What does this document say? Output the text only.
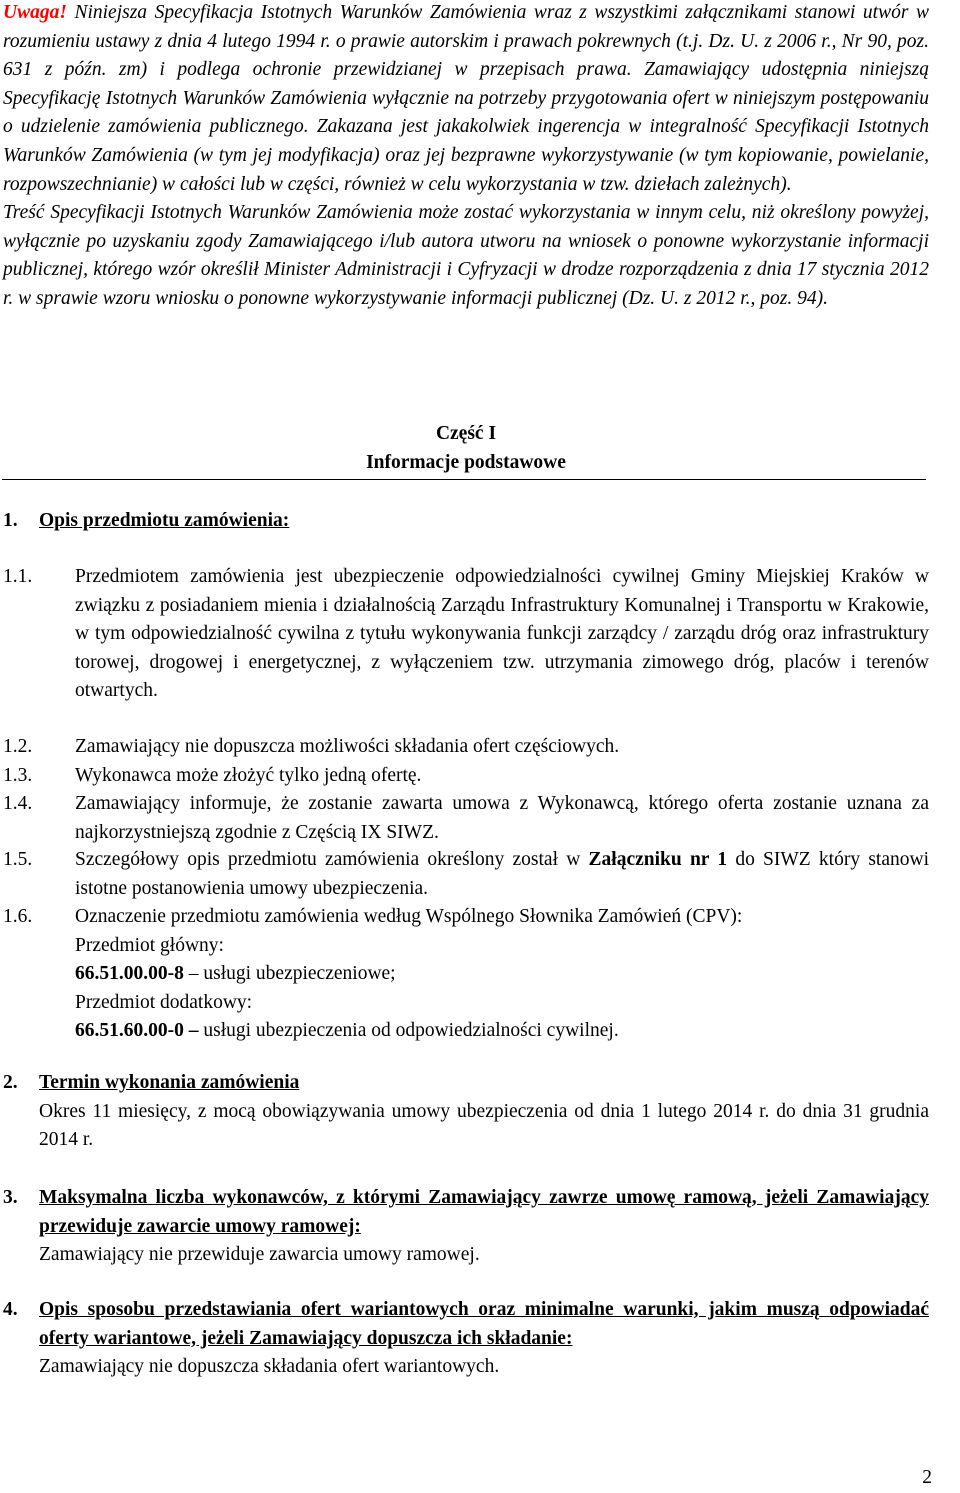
Uwaga! Niniejsza Specyfikacja Istotnych Warunków Zamówienia wraz z wszystkimi załącznikami stanowi utwór w rozumieniu ustawy z dnia 4 lutego 1994 r. o prawie autorskim i prawach pokrewnych (t.j. Dz. U. z 2006 r., Nr 90, poz. 631 z późn. zm) i podlega ochronie przewidzianej w przepisach prawa. Zamawiający udostępnia niniejszą Specyfikację Istotnych Warunków Zamówienia wyłącznie na potrzeby przygotowania ofert w niniejszym postępowaniu o udzielenie zamówienia publicznego. Zakazana jest jakakolwiek ingerencja w integralność Specyfikacji Istotnych Warunków Zamówienia (w tym jej modyfikacja) oraz jej bezprawne wykorzystywanie (w tym kopiowanie, powielanie, rozpowszechnianie) w całości lub w części, również w celu wykorzystania w tzw. dziełach zależnych).
Treść Specyfikacji Istotnych Warunków Zamówienia może zostać wykorzystania w innym celu, niż określony powyżej, wyłącznie po uzyskaniu zgody Zamawiającego i/lub autora utworu na wniosek o ponowne wykorzystanie informacji publicznej, którego wzór określił Minister Administracji i Cyfryzacji w drodze rozporządzenia z dnia 17 stycznia 2012 r. w sprawie wzoru wniosku o ponowne wykorzystywanie informacji publicznej (Dz. U. z 2012 r., poz. 94).
Część I
Informacje podstawowe
1. Opis przedmiotu zamówienia:
1.1. Przedmiotem zamówienia jest ubezpieczenie odpowiedzialności cywilnej Gminy Miejskiej Kraków w związku z posiadaniem mienia i działalnością Zarządu Infrastruktury Komunalnej i Transportu w Krakowie, w tym odpowiedzialność cywilna z tytułu wykonywania funkcji zarządcy / zarządu dróg oraz infrastruktury torowej, drogowej i energetycznej, z wyłączeniem tzw. utrzymania zimowego dróg, placów i terenów otwartych.
1.2. Zamawiający nie dopuszcza możliwości składania ofert częściowych.
1.3. Wykonawca może złożyć tylko jedną ofertę.
1.4. Zamawiający informuje, że zostanie zawarta umowa z Wykonawcą, którego oferta zostanie uznana za najkorzystniejszą zgodnie z Częścią IX SIWZ.
1.5. Szczegółowy opis przedmiotu zamówienia określony został w Załączniku nr 1 do SIWZ który stanowi istotne postanowienia umowy ubezpieczenia.
1.6. Oznaczenie przedmiotu zamówienia według Wspólnego Słownika Zamówień (CPV):
Przedmiot główny:
66.51.00.00-8 – usługi ubezpieczeniowe;
Przedmiot dodatkowy:
66.51.60.00-0 – usługi ubezpieczenia od odpowiedzialności cywilnej.
2. Termin wykonania zamówienia
Okres 11 miesięcy, z mocą obowiązywania umowy ubezpieczenia od dnia 1 lutego 2014 r. do dnia 31 grudnia 2014 r.
3. Maksymalna liczba wykonawców, z którymi Zamawiający zawrze umowę ramową, jeżeli Zamawiający przewiduje zawarcie umowy ramowej:
Zamawiający nie przewiduje zawarcia umowy ramowej.
4. Opis sposobu przedstawiania ofert wariantowych oraz minimalne warunki, jakim muszą odpowiadać oferty wariantowe, jeżeli Zamawiający dopuszcza ich składanie:
Zamawiający nie dopuszcza składania ofert wariantowych.
2
